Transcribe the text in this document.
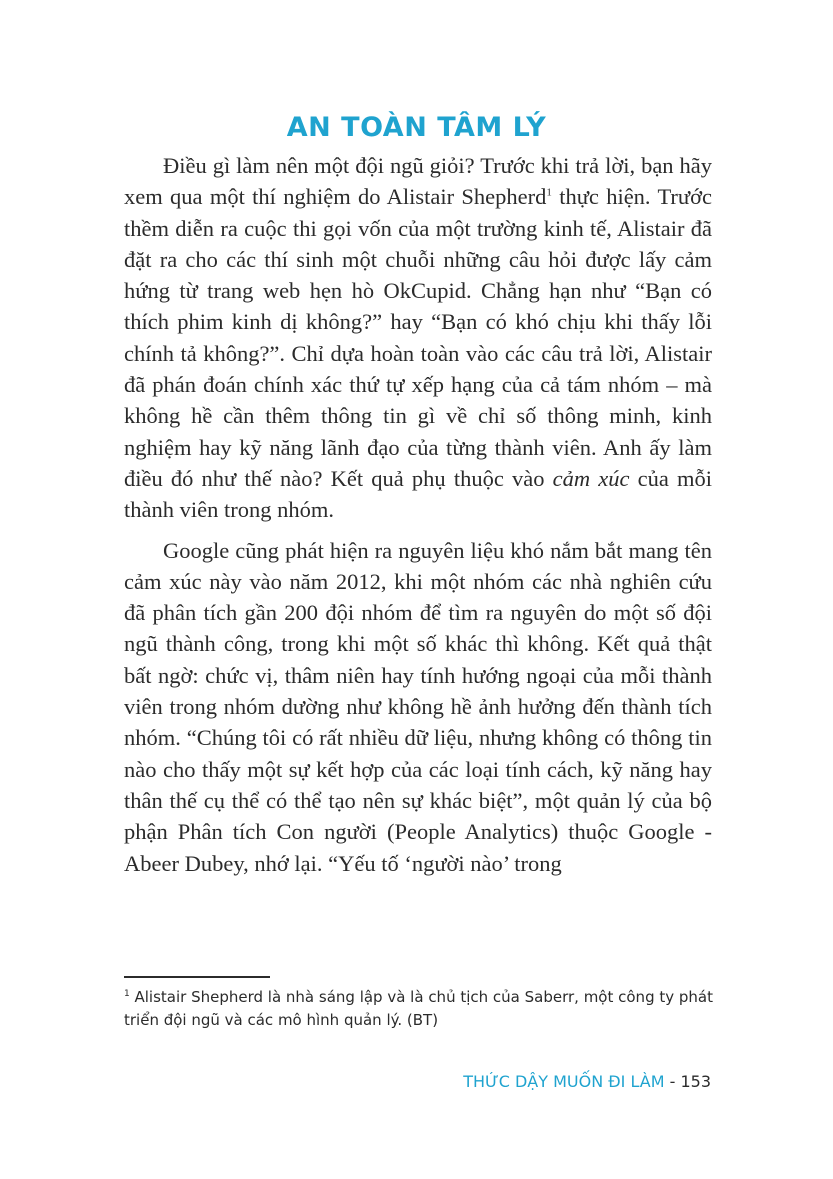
AN TOÀN TÂM LÝ

Điều gì làm nên một đội ngũ giỏi? Trước khi trả lời, bạn hãy xem qua một thí nghiệm do Alistair Shepherd$^1$ thực hiện. Trước thềm diễn ra cuộc thi gọi vốn của một trường kinh tế, Alistair đã đặt ra cho các thí sinh một chuỗi những câu hỏi được lấy cảm hứng từ trang web hẹn hò OkCupid. Chẳng hạn như “Bạn có thích phim kinh dị không?” hay “Bạn có khó chịu khi thấy lỗi chính tả không?”. Chỉ dựa hoàn toàn vào các câu trả lời, Alistair đã phán đoán chính xác thứ tự xếp hạng của cả tám nhóm – mà không hề cần thêm thông tin gì về chỉ số thông minh, kinh nghiệm hay kỹ năng lãnh đạo của từng thành viên. Anh ấy làm điều đó như thế nào? Kết quả phụ thuộc vào cảm xúc của mỗi thành viên trong nhóm.

Google cũng phát hiện ra nguyên liệu khó nắm bắt mang tên cảm xúc này vào năm 2012, khi một nhóm các nhà nghiên cứu đã phân tích gần 200 đội nhóm để tìm ra nguyên do một số đội ngũ thành công, trong khi một số khác thì không. Kết quả thật bất ngờ: chức vị, thâm niên hay tính hướng ngoại của mỗi thành viên trong nhóm dường như không hề ảnh hưởng đến thành tích nhóm. “Chúng tôi có rất nhiều dữ liệu, nhưng không có thông tin nào cho thấy một sự kết hợp của các loại tính cách, kỹ năng hay thân thế cụ thể có thể tạo nên sự khác biệt”, một quản lý của bộ phận Phân tích Con người (People Analytics) thuộc Google - Abeer Dubey, nhớ lại. “Yếu tố ‘người nào’ trong

$^1$ Alistair Shepherd là nhà sáng lập và là chủ tịch của Saberr, một công ty phát triển đội ngũ và các mô hình quản lý. (BT)
THỨC DẬY MUỐN ĐI LÀM - 153
